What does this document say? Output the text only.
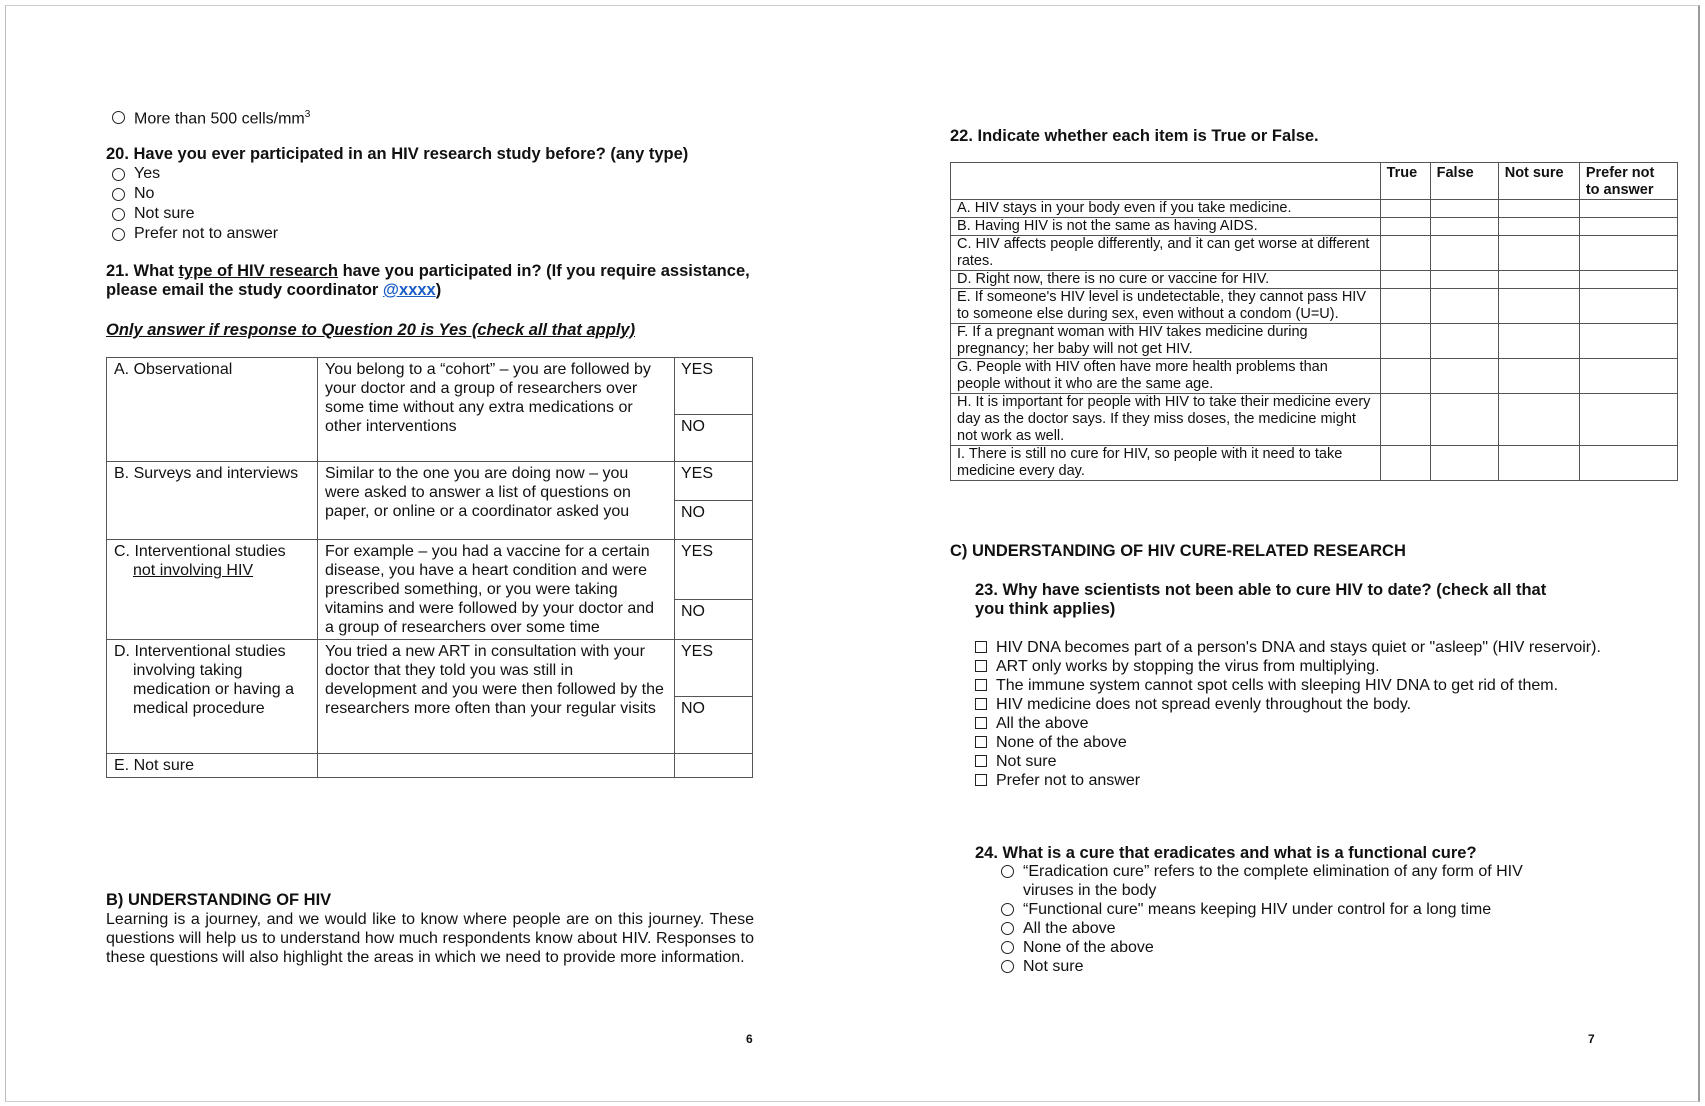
More than 500 cells/$mm^3$
20. Have you ever participated in an HIV research study before? (any type)
Yes
No
Not sure
Prefer not to answer
21. What type of HIV research have you participated in? (If you require assistance, please email the study coordinator @xxxx)
Only answer if response to Question 20 is Yes (check all that apply)
A. Observational	You belong to a “cohort” – you are followed by your doctor and a group of researchers over some time without any extra medications or other interventions	YES
		NO

B. Surveys and interviews	Similar to the one you are doing now – you were asked to answer a list of questions on paper, or online or a coordinator asked you	YES
		NO

C. Interventional studies
not involving HIV	For example – you had a vaccine for a certain disease, you have a heart condition and were prescribed something, or you were taking vitamins and were followed by your doctor and a group of researchers over some time	YES
		NO

D. Interventional studies involving taking medication or having a medical procedure	You tried a new ART in consultation with your doctor that they told you was still in development and you were then followed by the researchers more often than your regular visits	YES
		NO

E. Not sure		

B) UNDERSTANDING OF HIV
Learning is a journey, and we would like to know where people are on this journey. These questions will help us to understand how much respondents know about HIV. Responses to these questions will also highlight the areas in which we need to provide more information.
6
22. Indicate whether each item is True or False.
	True	False	Not sure	Prefer not to answer
A. HIV stays in your body even if you take medicine.				
B. Having HIV is not the same as having AIDS.				
C. HIV affects people differently, and it can get worse at different rates.				
D. Right now, there is no cure or vaccine for HIV.				
E. If someone's HIV level is undetectable, they cannot pass HIV to someone else during sex, even without a condom (U=U).				
F. If a pregnant woman with HIV takes medicine during pregnancy; her baby will not get HIV.				
G. People with HIV often have more health problems than people without it who are the same age.				
H. It is important for people with HIV to take their medicine every day as the doctor says. If they miss doses, the medicine might not work as well.				
I. There is still no cure for HIV, so people with it need to take medicine every day.				
C) UNDERSTANDING OF HIV CURE-RELATED RESEARCH
23. Why have scientists not been able to cure HIV to date? (check all that you think applies)
HIV DNA becomes part of a person's DNA and stays quiet or "asleep" (HIV reservoir).
ART only works by stopping the virus from multiplying.
The immune system cannot spot cells with sleeping HIV DNA to get rid of them.
HIV medicine does not spread evenly throughout the body.
All the above
None of the above
Not sure
Prefer not to answer
24. What is a cure that eradicates and what is a functional cure?
“Eradication cure” refers to the complete elimination of any form of HIV viruses in the body
“Functional cure" means keeping HIV under control for a long time
All the above
None of the above
Not sure
7
